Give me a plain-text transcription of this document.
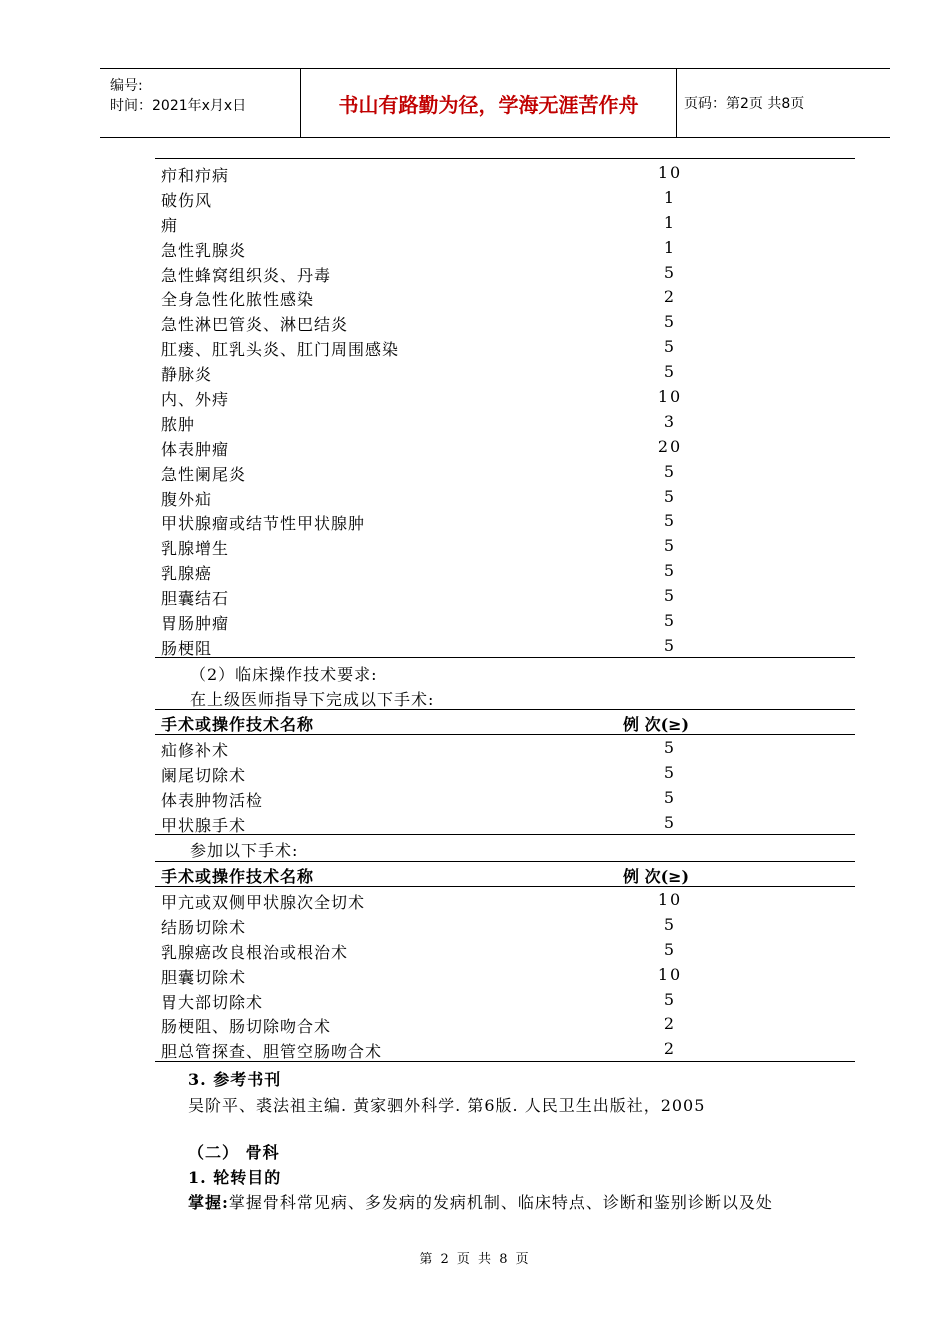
编号:
时间：2021年x月x日	书山有路勤为径，学海无涯苦作舟	页码：第2页 共8页
疖和疖病	10
破伤风	1
痈	1
急性乳腺炎	1
急性蜂窝组织炎、丹毒	5
全身急性化脓性感染	2
急性淋巴管炎、淋巴结炎	5
肛瘘、肛乳头炎、肛门周围感染	5
静脉炎	5
内、外痔	10
脓肿	3
体表肿瘤	20
急性阑尾炎	5
腹外疝	5
甲状腺瘤或结节性甲状腺肿	5
乳腺增生	5
乳腺癌	5
胆囊结石	5
胃肠肿瘤	5
肠梗阻	5
（2）临床操作技术要求:
在上级医师指导下完成以下手术:
手术或操作技术名称	例 次(≥)
疝修补术	5
阑尾切除术	5
体表肿物活检	5
甲状腺手术	5
参加以下手术:
手术或操作技术名称	例 次(≥)
甲亢或双侧甲状腺次全切术	10
结肠切除术	5
乳腺癌改良根治或根治术	5
胆囊切除术	10
胃大部切除术	5
肠梗阻、肠切除吻合术	2
胆总管探查、胆管空肠吻合术	2
3. 参考书刊
吴阶平、裘法祖主编. 黄家驷外科学. 第6版. 人民卫生出版社，2005
（二） 骨科
1. 轮转目的
掌握:掌握骨科常见病、多发病的发病机制、临床特点、诊断和鉴别诊断以及处
第 2 页 共 8 页
